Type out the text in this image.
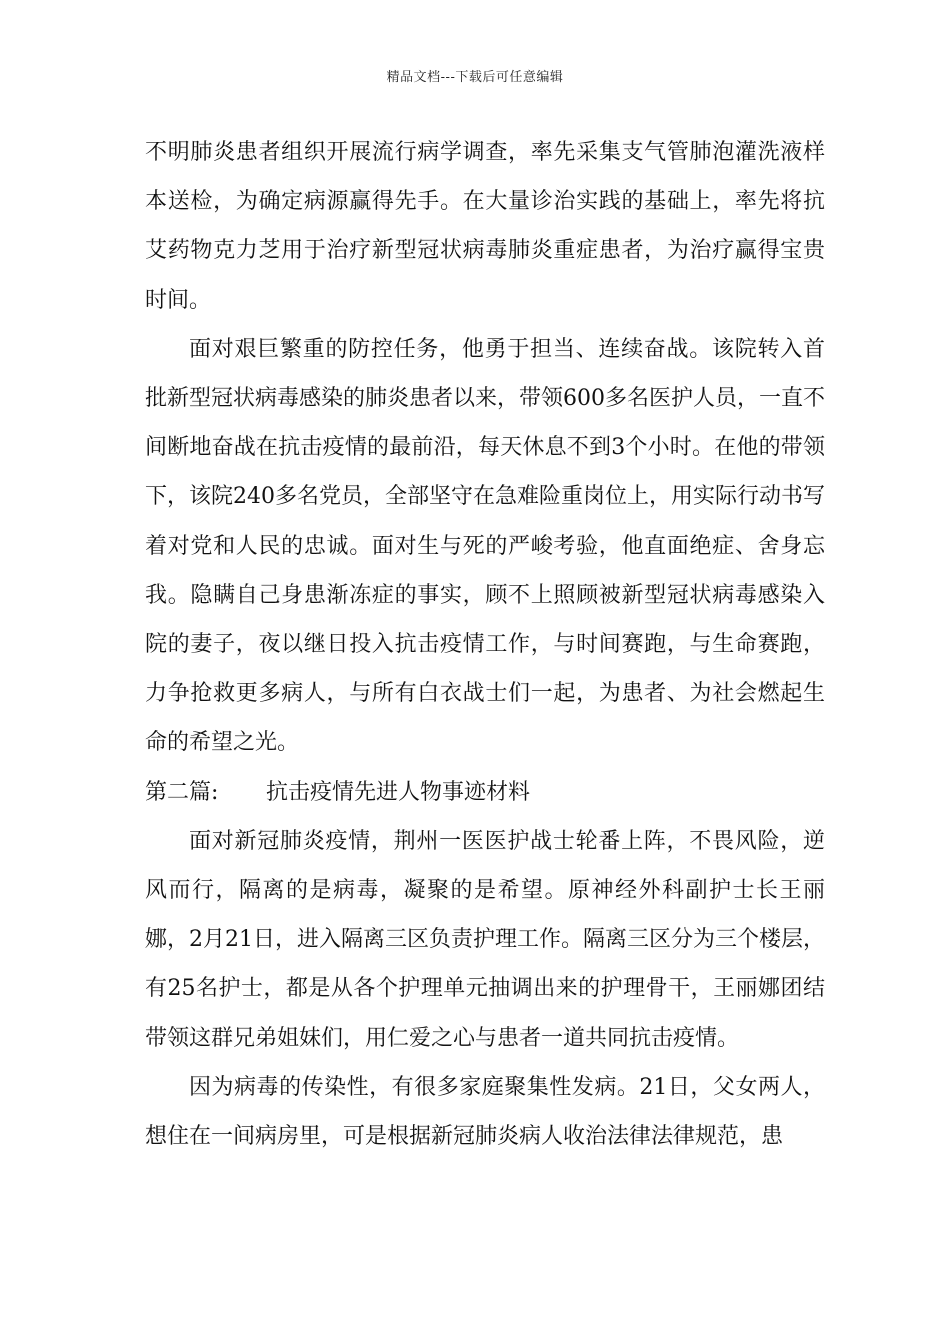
精品文档---下载后可任意编辑

不明肺炎患者组织开展流行病学调查，率先采集支气管肺泡灌洗液样本送检，为确定病源赢得先手。在大量诊治实践的基础上，率先将抗艾药物克力芝用于治疗新型冠状病毒肺炎重症患者，为治疗赢得宝贵时间。

面对艰巨繁重的防控任务，他勇于担当、连续奋战。该院转入首批新型冠状病毒感染的肺炎患者以来，带领600多名医护人员，一直不间断地奋战在抗击疫情的最前沿，每天休息不到3个小时。在他的带领下，该院240多名党员，全部坚守在急难险重岗位上，用实际行动书写着对党和人民的忠诚。面对生与死的严峻考验，他直面绝症、舍身忘我。隐瞒自己身患渐冻症的事实，顾不上照顾被新型冠状病毒感染入院的妻子，夜以继日投入抗击疫情工作，与时间赛跑，与生命赛跑，力争抢救更多病人，与所有白衣战士们一起，为患者、为社会燃起生命的希望之光。

第二篇: 抗击疫情先进人物事迹材料

面对新冠肺炎疫情，荆州一医医护战士轮番上阵，不畏风险，逆风而行，隔离的是病毒，凝聚的是希望。原神经外科副护士长王丽娜，2月21日，进入隔离三区负责护理工作。隔离三区分为三个楼层，有25名护士，都是从各个护理单元抽调出来的护理骨干，王丽娜团结带领这群兄弟姐妹们，用仁爱之心与患者一道共同抗击疫情。

因为病毒的传染性，有很多家庭聚集性发病。21日，父女两人，想住在一间病房里，可是根据新冠肺炎病人收治法律法律规范，患
